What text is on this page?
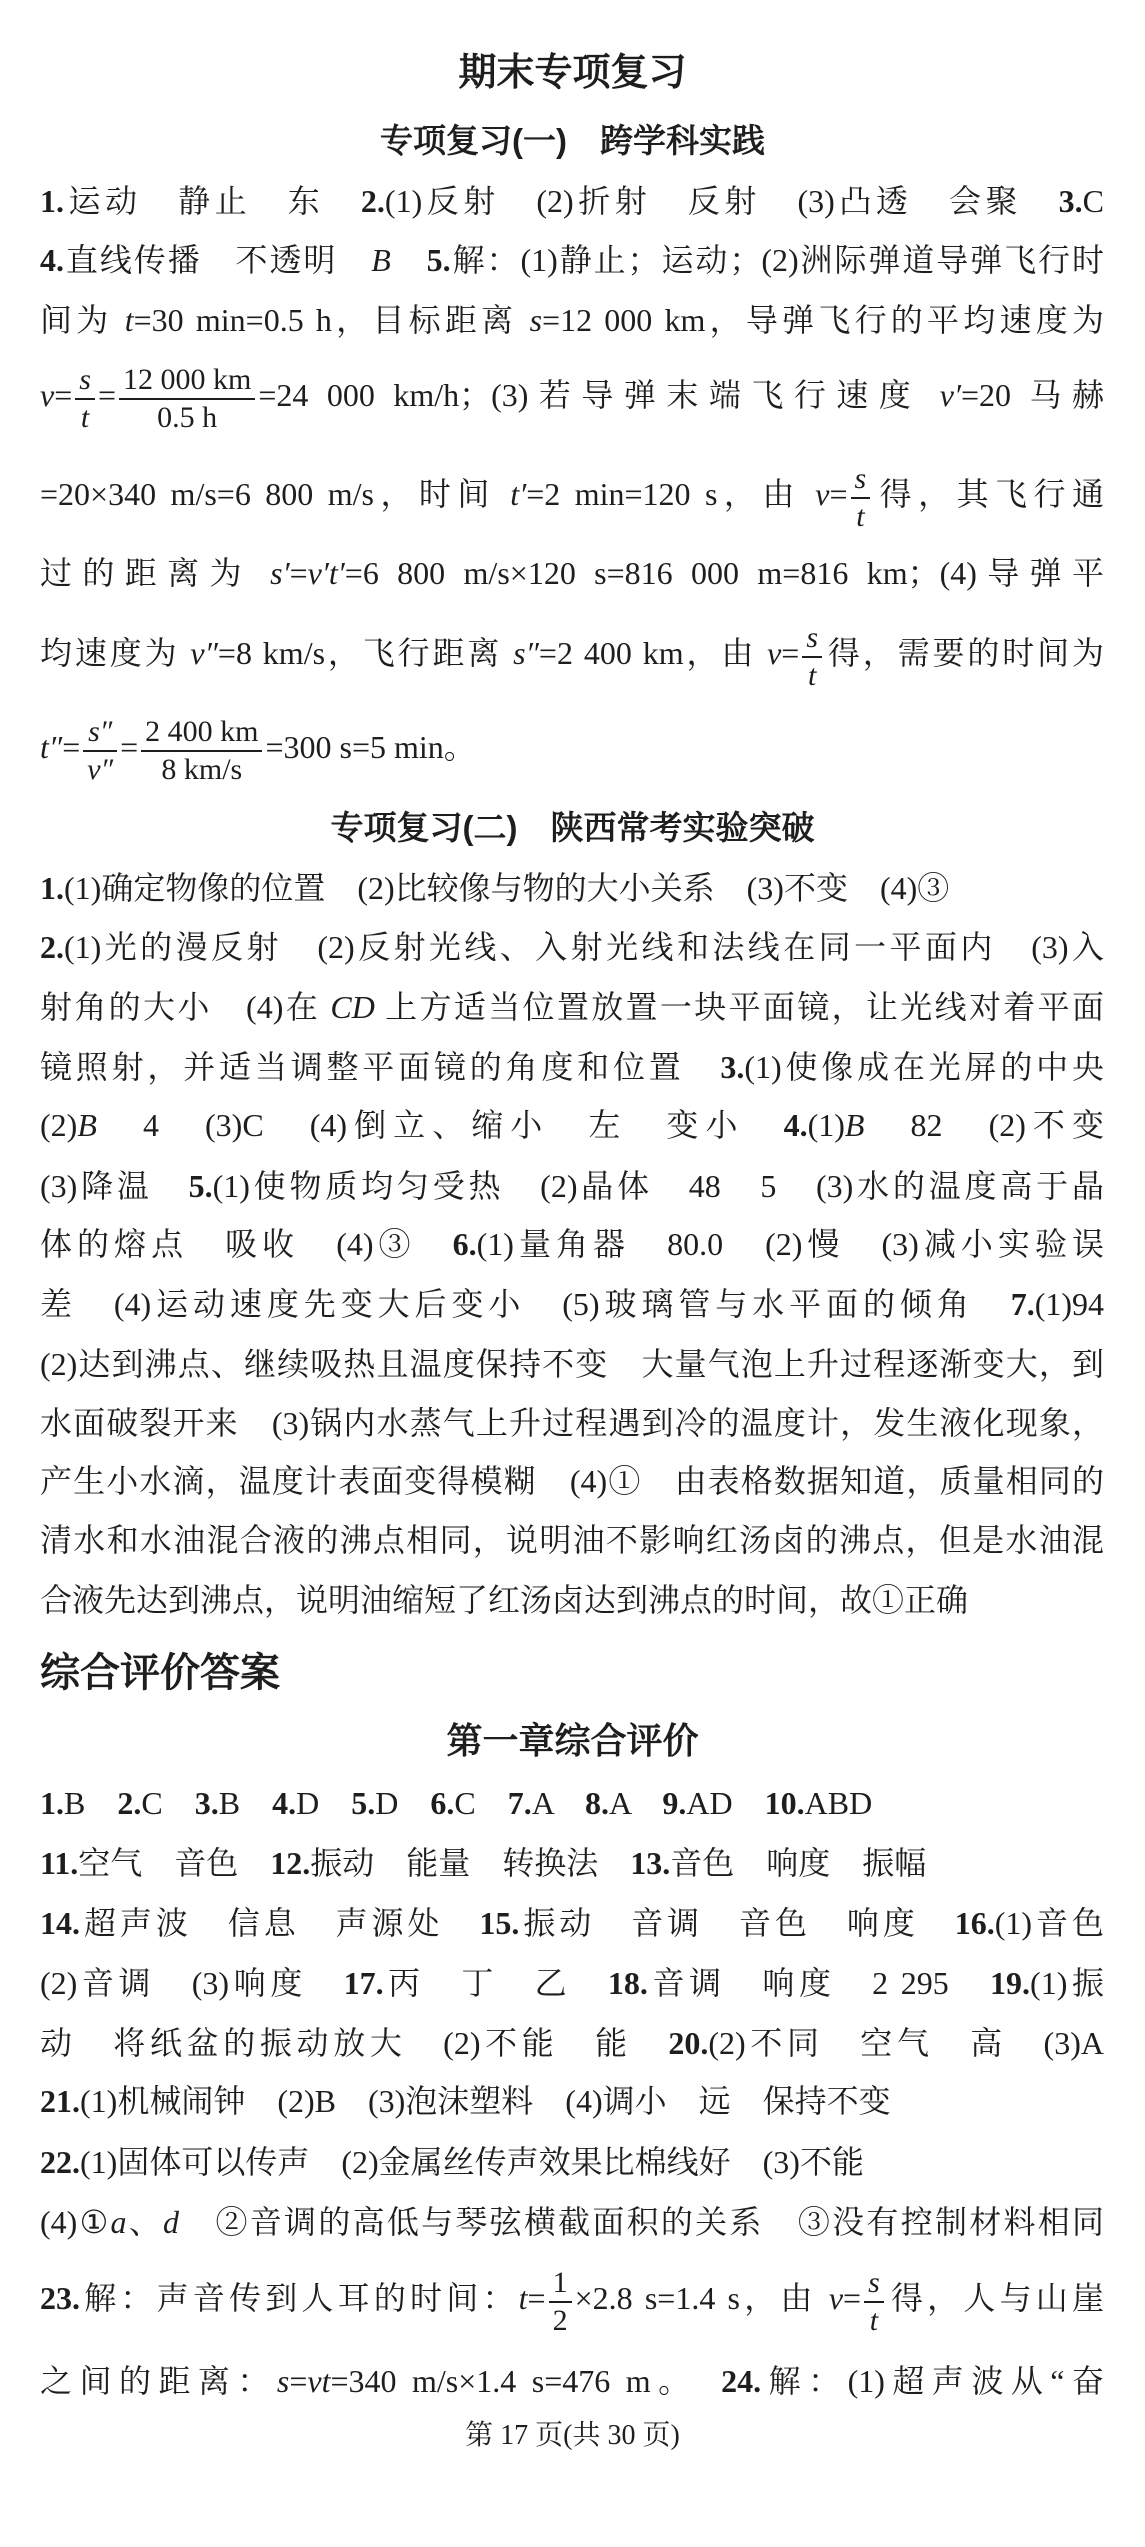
期末专项复习
专项复习(一)　跨学科实践
1.运动　静止　东　2.(1)反射　(2)折射　反射　(3)凸透　会聚　3.C
4.直线传播　不透明　B　 5.解：(1)静止；运动；(2)洲际弹道导弹飞行时
间为 t=30 min=0.5 h，目标距离 s=12 000 km，导弹飞行的平均速度为
$v= \frac{s}{t} = \frac{12 000 km}{0.5 h} =24$ 000 km/h；(3)若导弹末端飞行速度 v′=20 马赫
=20×340 m/s=6 800 m/s，时间 t′=2 min=120 s，由 $v= \frac{s}{t}$ 得，其飞行通
过的距离为 s′=v′t′=6 800 m/s×120 s=816 000 m=816 km；(4)导弹平
均速度为 v″=8 km/s，飞行距离 s″=2 400 km，由 $v= \frac{s}{t}$ 得，需要的时间为
$t''= \frac{s''}{v''} = \frac{2 400 km}{8 km/s} =300$ s=5 min。
专项复习(二)　陕西常考实验突破
1.(1)确定物像的位置　(2)比较像与物的大小关系　(3)不变　(4)③
2.(1)光的漫反射　(2)反射光线、入射光线和法线在同一平面内　(3)入
射角的大小　(4)在 CD 上方适当位置放置一块平面镜，让光线对着平面
镜照射，并适当调整平面镜的角度和位置　3.(1)使像成在光屏的中央
(2)B　4　(3)C　(4)倒立、缩小　左　变小　4.(1)B　82　(2)不变
(3)降温　5.(1)使物质均匀受热　(2)晶体　48　5　(3)水的温度高于晶
体的熔点　吸收　(4)③　6.(1)量角器　80.0　(2)慢　(3)减小实验误
差　(4)运动速度先变大后变小　(5)玻璃管与水平面的倾角　7.(1)94
(2)达到沸点、继续吸热且温度保持不变　大量气泡上升过程逐渐变大，到
水面破裂开来　(3)锅内水蒸气上升过程遇到冷的温度计，发生液化现象，
产生小水滴，温度计表面变得模糊　(4)①　由表格数据知道，质量相同的
清水和水油混合液的沸点相同，说明油不影响红汤卤的沸点，但是水油混
合液先达到沸点，说明油缩短了红汤卤达到沸点的时间，故①正确
综合评价答案
第一章综合评价
1.B　2.C　3.B　4.D　5.D　6.C　7.A　8.A　9.AD　10.ABD
11.空气　音色　12.振动　能量　转换法　13.音色　响度　振幅
14.超声波　信息　声源处　15.振动　音调　音色　响度　16.(1)音色
(2)音调　(3)响度　17.丙　丁　乙　18.音调　响度　2 295　19.(1)振
动　将纸盆的振动放大　(2)不能　能　20.(2)不同　空气　高　(3)A
21.(1)机械闹钟　(2)B　(3)泡沫塑料　(4)调小　远　保持不变
22.(1)固体可以传声　(2)金属丝传声效果比棉线好　(3)不能
(4)①a、d　②音调的高低与琴弦横截面积的关系　③没有控制材料相同
23.解：声音传到人耳的时间：$t= \frac{1}{2} \times 2.8$ s=1.4 s，由 $v= \frac{s}{t}$ 得，人与山崖
之间的距离：s=vt=340 m/s×1.4 s=476 m。　24.解：(1)超声波从“奋
第 17 页(共 30 页)
